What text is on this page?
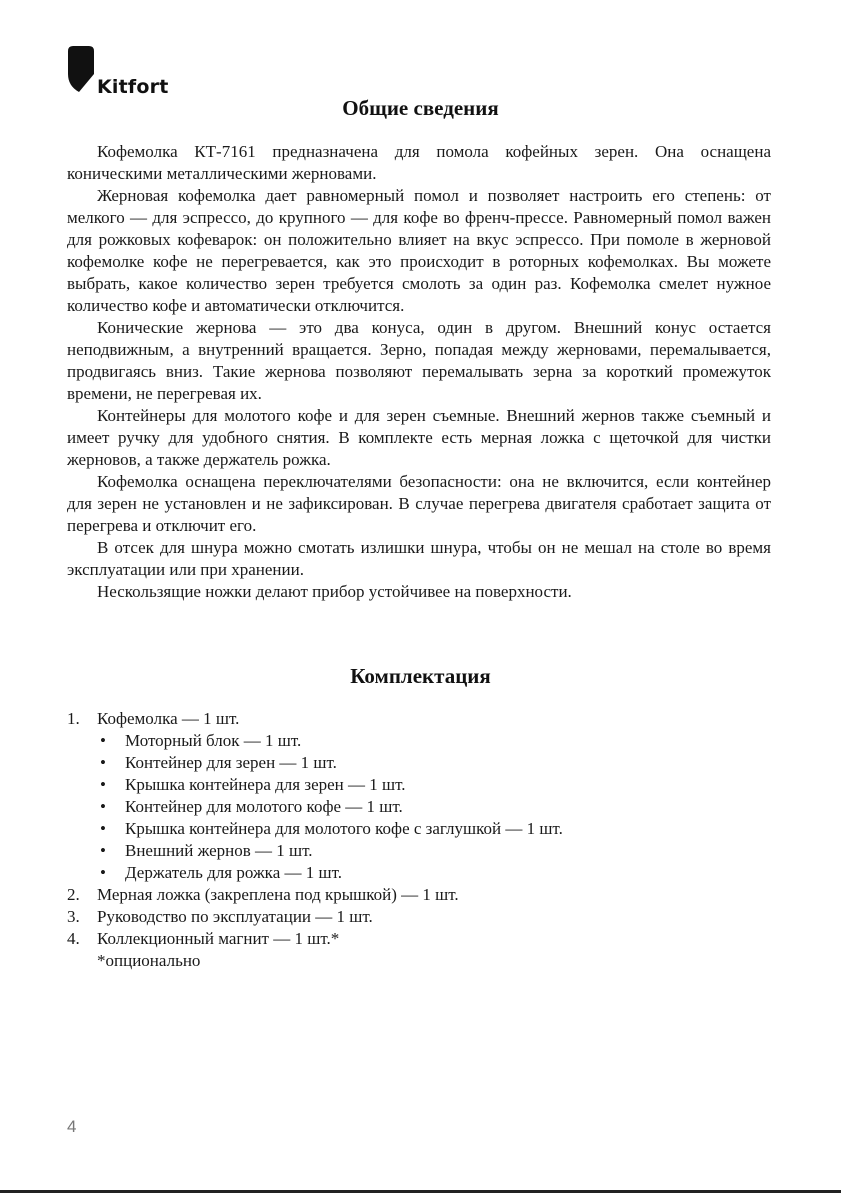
Kitfort
Общие сведения

Кофемолка КТ-7161 предназначена для помола кофейных зерен. Она оснащена коническими металлическими жерновами.

Жерновая кофемолка дает равномерный помол и позволяет настроить его степень: от мелкого — для эспрессо, до крупного — для кофе во френч-прессе. Равномерный помол важен для рожковых кофеварок: он положительно влияет на вкус эспрессо. При помоле в жерновой кофемолке кофе не перегревается, как это происходит в роторных кофемолках. Вы можете выбрать, какое количество зерен требуется смолоть за один раз. Кофемолка смелет нужное количество кофе и автоматически отключится.

Конические жернова — это два конуса, один в другом. Внешний конус остается неподвижным, а внутренний вращается. Зерно, попадая между жерновами, перемалывается, продвигаясь вниз. Такие жернова позволяют перемалывать зерна за короткий промежуток времени, не перегревая их.

Контейнеры для молотого кофе и для зерен съемные. Внешний жернов также съемный и имеет ручку для удобного снятия. В комплекте есть мерная ложка с щеточкой для чистки жерновов, а также держатель рожка.

Кофемолка оснащена переключателями безопасности: она не включится, если контейнер для зерен не установлен и не зафиксирован. В случае перегрева двигателя сработает защита от перегрева и отключит его.

В отсек для шнура можно смотать излишки шнура, чтобы он не мешал на столе во время эксплуатации или при хранении.

Нескользящие ножки делают прибор устойчивее на поверхности.

Комплектация
1. Кофемолка — 1 шт.
• Моторный блок — 1 шт.
• Контейнер для зерен — 1 шт.
• Крышка контейнера для зерен — 1 шт.
• Контейнер для молотого кофе — 1 шт.
• Крышка контейнера для молотого кофе с заглушкой — 1 шт.
• Внешний жернов — 1 шт.
• Держатель для рожка — 1 шт.
2. Мерная ложка (закреплена под крышкой) — 1 шт.
3. Руководство по эксплуатации — 1 шт.
4. Коллекционный магнит — 1 шт.*
*опционально
4
